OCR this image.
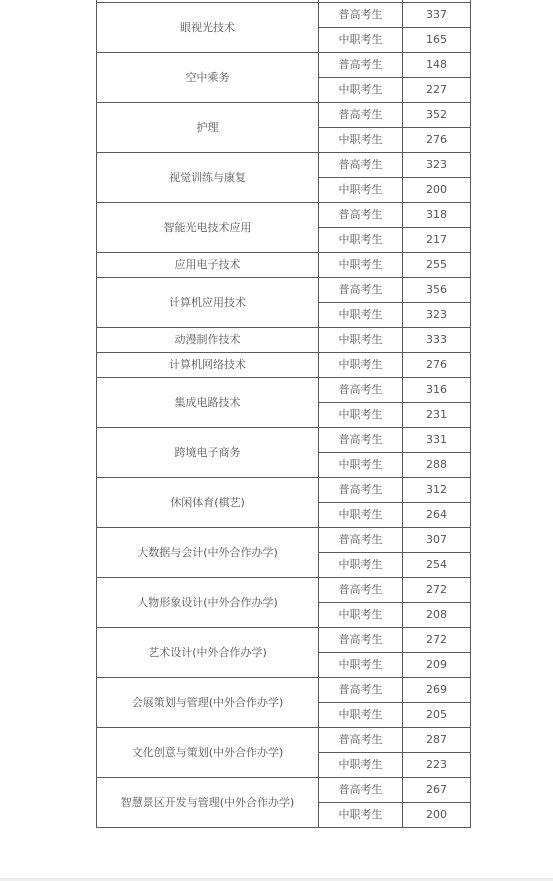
眼视光技术	普高考生	337
	中职考生	165
空中乘务	普高考生	148
	中职考生	227
护理	普高考生	352
	中职考生	276
视觉训练与康复	普高考生	323
	中职考生	200
智能光电技术应用	普高考生	318
	中职考生	217
应用电子技术	中职考生	255
计算机应用技术	普高考生	356
	中职考生	323
动漫制作技术	中职考生	333
计算机网络技术	中职考生	276
集成电路技术	普高考生	316
	中职考生	231
跨境电子商务	普高考生	331
	中职考生	288
休闲体育(棋艺)	普高考生	312
	中职考生	264
大数据与会计(中外合作办学)	普高考生	307
	中职考生	254
人物形象设计(中外合作办学)	普高考生	272
	中职考生	208
艺术设计(中外合作办学)	普高考生	272
	中职考生	209
会展策划与管理(中外合作办学)	普高考生	269
	中职考生	205
文化创意与策划(中外合作办学)	普高考生	287
	中职考生	223
智慧景区开发与管理(中外合作办学)	普高考生	267
	中职考生	200
